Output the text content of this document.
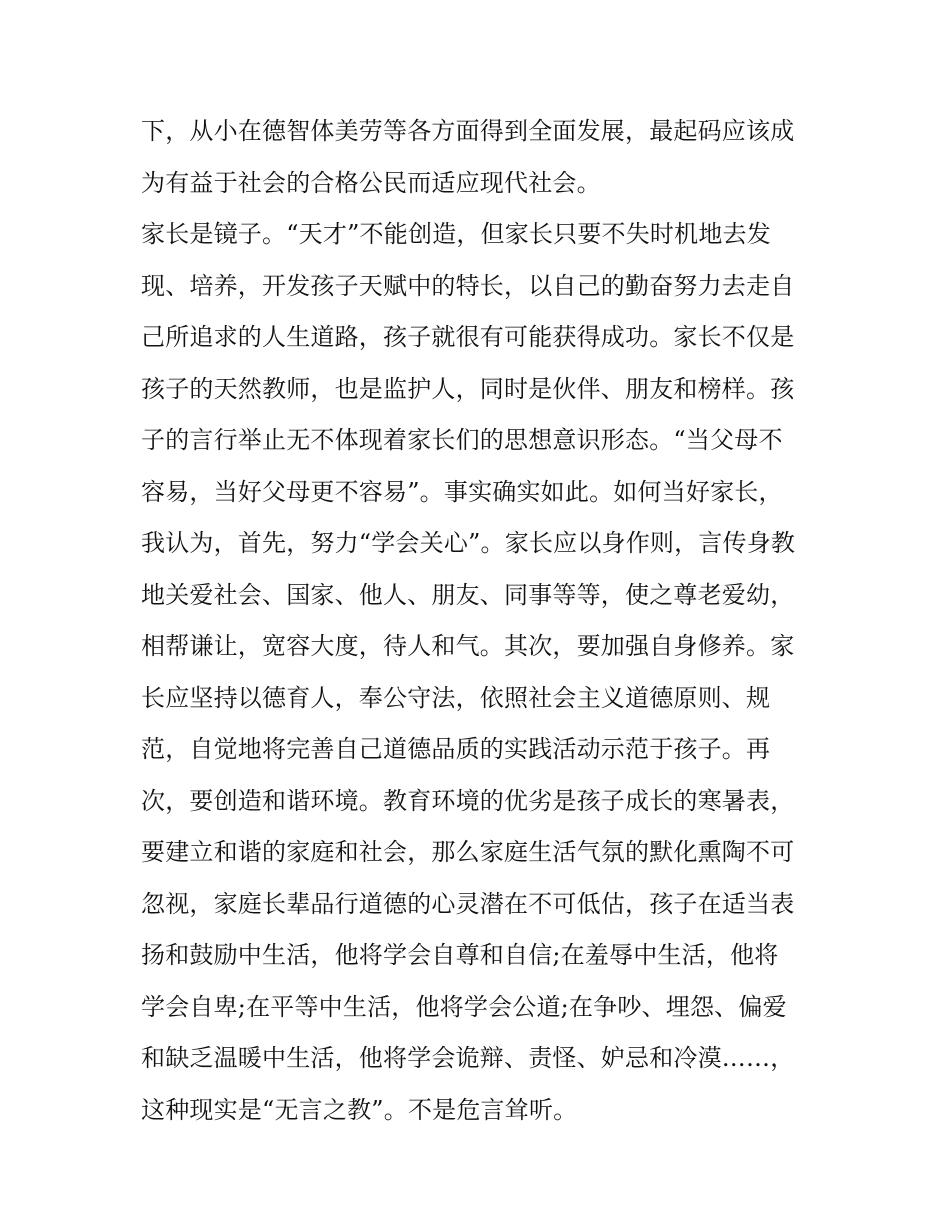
下，从小在德智体美劳等各方面得到全面发展，最起码应该成
为有益于社会的合格公民而适应现代社会。
家长是镜子。“天才”不能创造，但家长只要不失时机地去发
现、培养，开发孩子天赋中的特长，以自己的勤奋努力去走自
己所追求的人生道路，孩子就很有可能获得成功。家长不仅是
孩子的天然教师，也是监护人，同时是伙伴、朋友和榜样。孩
子的言行举止无不体现着家长们的思想意识形态。“当父母不
容易，当好父母更不容易”。事实确实如此。如何当好家长，
我认为，首先，努力“学会关心”。家长应以身作则，言传身教
地关爱社会、国家、他人、朋友、同事等等，使之尊老爱幼，
相帮谦让，宽容大度，待人和气。其次，要加强自身修养。家
长应坚持以德育人，奉公守法，依照社会主义道德原则、规
范，自觉地将完善自己道德品质的实践活动示范于孩子。再
次，要创造和谐环境。教育环境的优劣是孩子成长的寒暑表，
要建立和谐的家庭和社会，那么家庭生活气氛的默化熏陶不可
忽视，家庭长辈品行道德的心灵潜在不可低估，孩子在适当表
扬和鼓励中生活，他将学会自尊和自信;在羞辱中生活，他将
学会自卑;在平等中生活，他将学会公道;在争吵、埋怨、偏爱
和缺乏温暖中生活，他将学会诡辩、责怪、妒忌和冷漠……，
这种现实是“无言之教”。不是危言耸听。
